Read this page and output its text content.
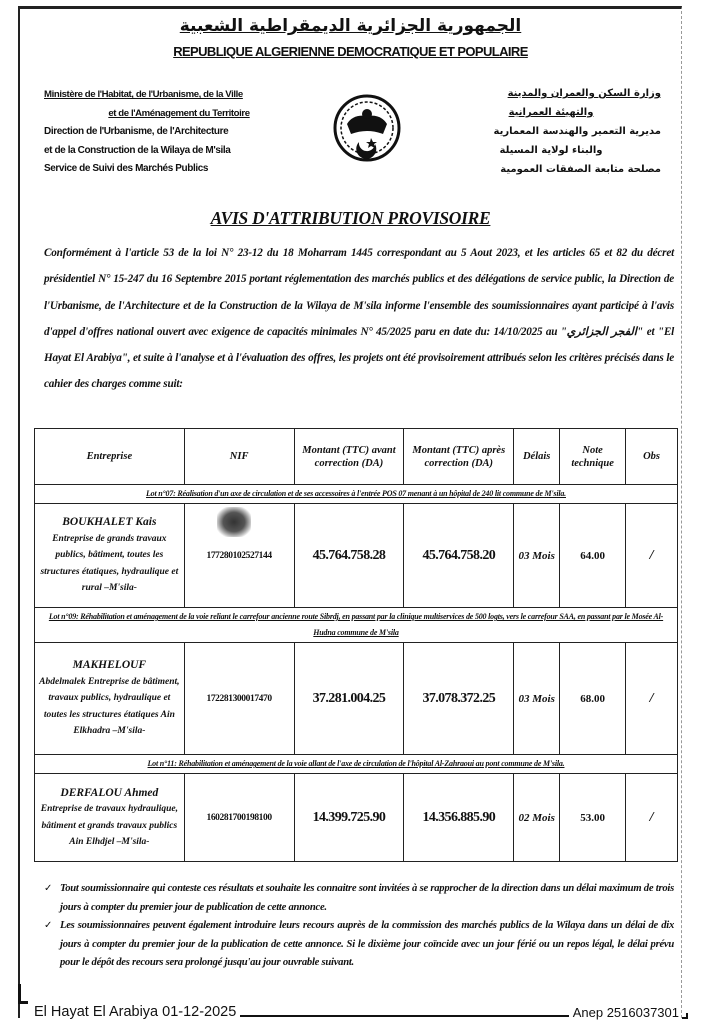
الجمهورية الجزائرية الديمقراطية الشعبية
REPUBLIQUE ALGERIENNE DEMOCRATIQUE ET POPULAIRE
Ministère de l'Habitat, de l'Urbanisme, de la Ville
et de l'Aménagement du Territoire
Direction de l'Urbanisme, de l'Architecture
et de la Construction de la Wilaya de M'sila
Service de Suivi des Marchés Publics
وزارة السكن والعمران والمدينة
والتهيئة العمرانية
مديرية التعمير والهندسة المعمارية
والبناء لولاية المسيلة
مصلحة متابعة الصفقات العمومية
AVIS D'ATTRIBUTION PROVISOIRE
Conformément à l'article 53 de la loi N° 23-12 du 18 Moharram 1445 correspondant au 5 Aout 2023, et les articles 65 et 82 du décret présidentiel N° 15-247 du 16 Septembre 2015 portant réglementation des marchés publics et des délégations de service public, la Direction de l'Urbanisme, de l'Architecture et de la Construction de la Wilaya de M'sila informe l'ensemble des soumissionnaires ayant participé à l'avis d'appel d'offres national ouvert avec exigence de capacités minimales N° 45/2025 paru en date du: 14/10/2025 au "الفجر الجزائري" et "El Hayat El Arabiya", et suite à l'analyse et à l'évaluation des offres, les projets ont été provisoirement attribués selon les critères précisés dans le cahier des charges comme suit:
Entreprise	NIF	Montant (TTC) avant correction (DA)	Montant (TTC) après correction (DA)	Délais	Note technique	Obs
Lot n°07: Réalisation d'un axe de circulation et de ses accessoires à l'entrée POS 07 menant à un hôpital de 240 lit commune de M'sila.						

BOUKHALET Kais
Entreprise de grands travaux publics, bâtiment, toutes les structures étatiques, hydraulique et rural –M'sila-	177280102527144	45.764.758.28	45.764.758.20	03 Mois	64.00	/
Lot n°09: Réhabilitation et aménagement de la voie reliant le carrefour ancienne route Sibrdj, en passant par la clinique multiservices de 500 logts, vers le carrefour SAA, en passant par le Mosée Al-Hudna commune de M'sila						

MAKHELOUF
Abdelmalek Entreprise de bâtiment, travaux publics, hydraulique et toutes les structures étatiques Ain Elkhadra –M'sila-	172281300017470	37.281.004.25	37.078.372.25	03 Mois	68.00	/
Lot n°11: Réhabilitation et aménagement de la voie allant de l'axe de circulation de l'hôpital Al-Zahraoui au pont commune de M'sila.						

DERFALOU Ahmed
Entreprise de travaux hydraulique, bâtiment et grands travaux publics Ain Elhdjel –M'sila-	160281700198100	14.399.725.90	14.356.885.90	02 Mois	53.00	/
✓ Tout soumissionnaire qui conteste ces résultats et souhaite les connaitre sont invitées à se rapprocher de la direction dans un délai maximum de trois jours à compter du premier jour de publication de cette annonce.
✓ Les soumissionnaires peuvent également introduire leurs recours auprès de la commission des marchés publics de la Wilaya dans un délai de dix jours à compter du premier jour de la publication de cette annonce. Si le dixième jour coïncide avec un jour férié ou un repos légal, le délai prévu pour le dépôt des recours sera prolongé jusqu'au jour ouvrable suivant.
El Hayat El Arabiya 01-12-2025	Anep 2516037301
